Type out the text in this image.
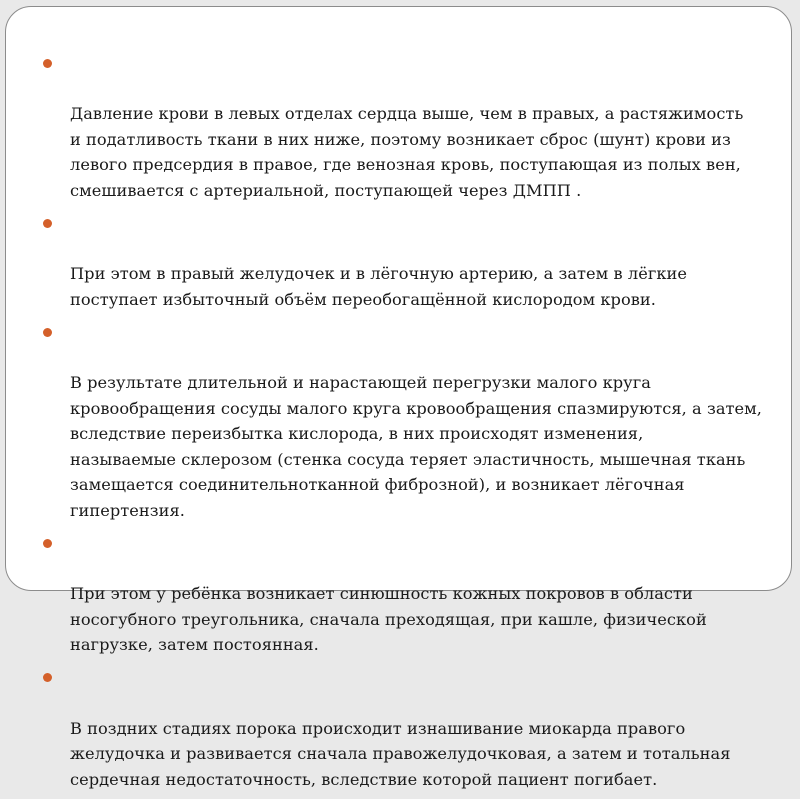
Давление крови в левых отделах сердца выше, чем в правых, а растяжимость
и податливость ткани в них ниже, поэтому возникает сброс (шунт) крови из
левого предсердия в правое, где венозная кровь, поступающая из полых вен,
смешивается с артериальной, поступающей через ДМПП .

При этом в правый желудочек и в лёгочную артерию, а затем в лёгкие
поступает избыточный объём переобогащённой кислородом крови.

В результате длительной и нарастающей перегрузки малого круга
кровообращения сосуды малого круга кровообращения спазмируются, а затем,
вследствие переизбытка кислорода, в них происходят изменения,
называемые склерозом (стенка сосуда теряет эластичность, мышечная ткань
замещается соединительнотканной фиброзной), и возникает лёгочная
гипертензия.

При этом у ребёнка возникает синюшность кожных покровов в области
носогубного треугольника, сначала преходящая, при кашле, физической
нагрузке, затем постоянная.

В поздних стадиях порока происходит изнашивание миокарда правого
желудочка и развивается сначала правожелудочковая, а затем и тотальная
сердечная недостаточность, вследствие которой пациент погибает.
